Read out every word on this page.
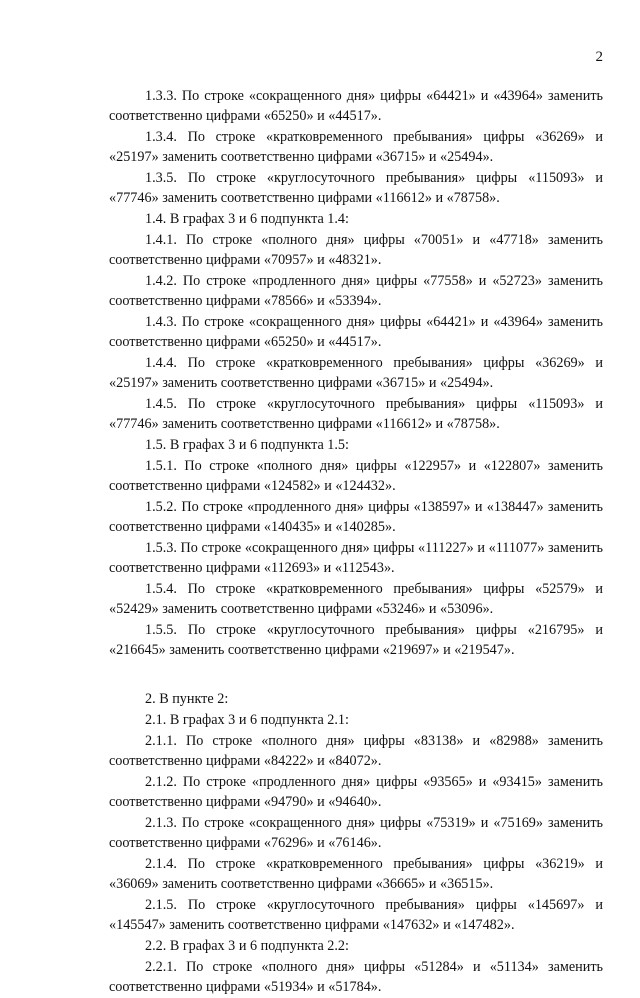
2
1.3.3. По строке «сокращенного дня» цифры «64421» и «43964» заменить соответственно цифрами «65250» и «44517».
1.3.4. По строке «кратковременного пребывания» цифры «36269» и «25197» заменить соответственно цифрами «36715» и «25494».
1.3.5. По строке «круглосуточного пребывания» цифры «115093» и «77746» заменить соответственно цифрами «116612» и «78758».
1.4. В графах 3 и 6 подпункта 1.4:
1.4.1. По строке «полного дня» цифры «70051» и «47718» заменить соответственно цифрами «70957» и «48321».
1.4.2. По строке «продленного дня» цифры «77558» и «52723» заменить соответственно цифрами «78566» и «53394».
1.4.3. По строке «сокращенного дня» цифры «64421» и «43964» заменить соответственно цифрами «65250» и «44517».
1.4.4. По строке «кратковременного пребывания» цифры «36269» и «25197» заменить соответственно цифрами «36715» и «25494».
1.4.5. По строке «круглосуточного пребывания» цифры «115093» и «77746» заменить соответственно цифрами «116612» и «78758».
1.5. В графах 3 и 6 подпункта 1.5:
1.5.1. По строке «полного дня» цифры «122957» и «122807» заменить соответственно цифрами «124582» и «124432».
1.5.2. По строке «продленного дня» цифры «138597» и «138447» заменить соответственно цифрами «140435» и «140285».
1.5.3. По строке «сокращенного дня» цифры «111227» и «111077» заменить соответственно цифрами «112693» и «112543».
1.5.4. По строке «кратковременного пребывания» цифры «52579» и «52429» заменить соответственно цифрами «53246» и «53096».
1.5.5. По строке «круглосуточного пребывания» цифры «216795» и «216645» заменить соответственно цифрами «219697» и «219547».
2. В пункте 2:
2.1. В графах 3 и 6 подпункта 2.1:
2.1.1. По строке «полного дня» цифры «83138» и «82988» заменить соответственно цифрами «84222» и «84072».
2.1.2. По строке «продленного дня» цифры «93565» и «93415» заменить соответственно цифрами «94790» и «94640».
2.1.3. По строке «сокращенного дня» цифры «75319» и «75169» заменить соответственно цифрами «76296» и «76146».
2.1.4. По строке «кратковременного пребывания» цифры «36219» и «36069» заменить соответственно цифрами «36665» и «36515».
2.1.5. По строке «круглосуточного пребывания» цифры «145697» и «145547» заменить соответственно цифрами «147632» и «147482».
2.2. В графах 3 и 6 подпункта 2.2:
2.2.1. По строке «полного дня» цифры «51284» и «51134» заменить соответственно цифрами «51934» и «51784».
